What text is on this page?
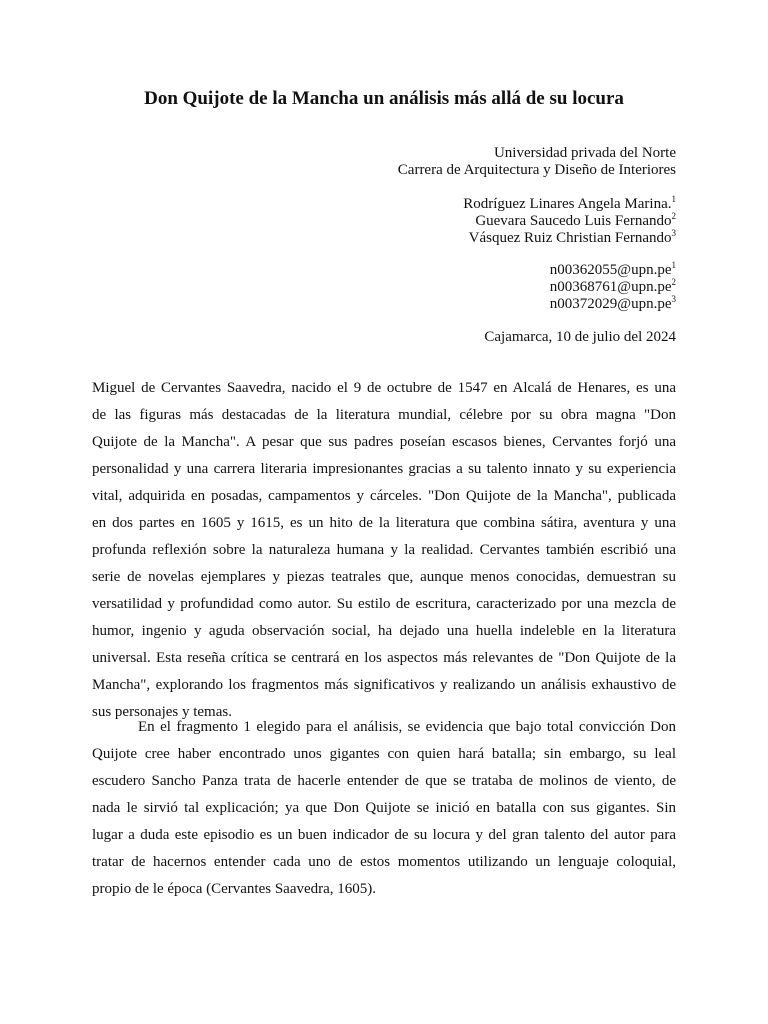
Don Quijote de la Mancha un análisis más allá de su locura
Universidad privada del Norte
Carrera de Arquitectura y Diseño de Interiores
Rodríguez Linares Angela Marina.$^1$
Guevara Saucedo Luis Fernando$^2$
Vásquez Ruiz Christian Fernando$^3$
$n00362055@upn.pe^1$
$n00368761@upn.pe^2$
$n00372029@upn.pe^3$
Cajamarca, 10 de julio del 2024
Miguel de Cervantes Saavedra, nacido el 9 de octubre de 1547 en Alcalá de Henares, es una
de las figuras más destacadas de la literatura mundial, célebre por su obra magna "Don
Quijote de la Mancha". A pesar que sus padres poseían escasos bienes, Cervantes forjó una
personalidad y una carrera literaria impresionantes gracias a su talento innato y su experiencia
vital, adquirida en posadas, campamentos y cárceles. "Don Quijote de la Mancha", publicada
en dos partes en 1605 y 1615, es un hito de la literatura que combina sátira, aventura y una
profunda reflexión sobre la naturaleza humana y la realidad. Cervantes también escribió una
serie de novelas ejemplares y piezas teatrales que, aunque menos conocidas, demuestran su
versatilidad y profundidad como autor. Su estilo de escritura, caracterizado por una mezcla de
humor, ingenio y aguda observación social, ha dejado una huella indeleble en la literatura
universal. Esta reseña crítica se centrará en los aspectos más relevantes de "Don Quijote de la
Mancha", explorando los fragmentos más significativos y realizando un análisis exhaustivo de
sus personajes y temas.
En el fragmento 1 elegido para el análisis, se evidencia que bajo total convicción Don
Quijote cree haber encontrado unos gigantes con quien hará batalla; sin embargo, su leal
escudero Sancho Panza trata de hacerle entender de que se trataba de molinos de viento, de
nada le sirvió tal explicación; ya que Don Quijote se inició en batalla con sus gigantes. Sin
lugar a duda este episodio es un buen indicador de su locura y del gran talento del autor para
tratar de hacernos entender cada uno de estos momentos utilizando un lenguaje coloquial,
propio de le época (Cervantes Saavedra, 1605).
